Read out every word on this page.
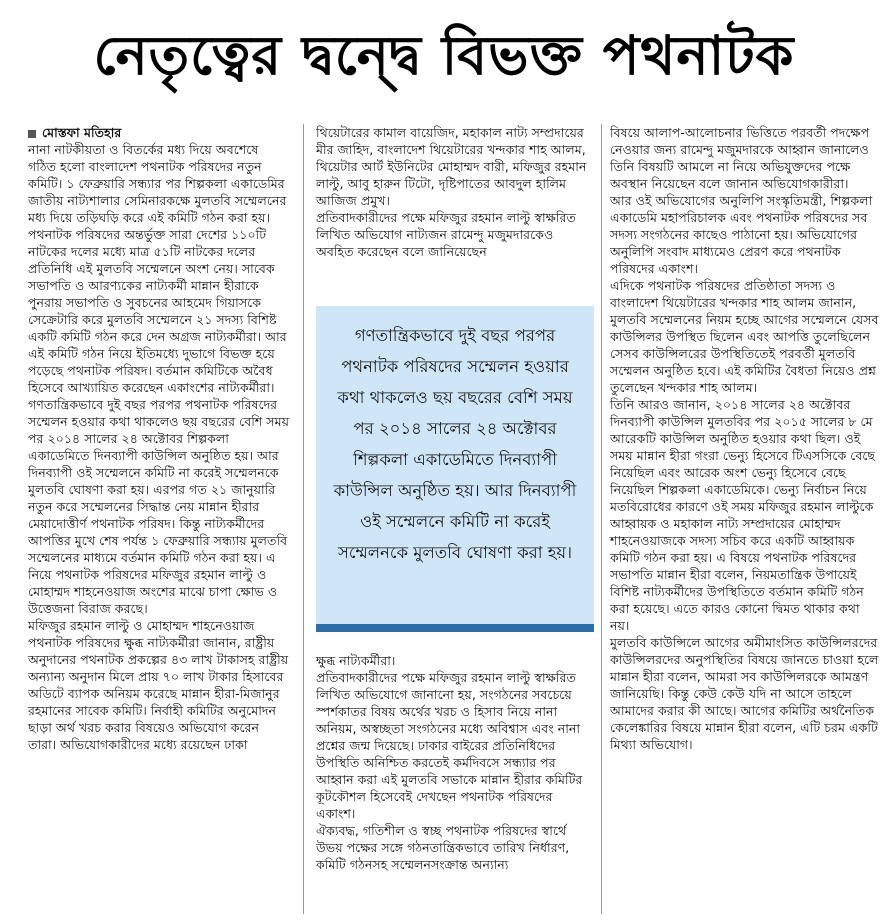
নেতৃত্বের দ্বন্দ্বে বিভক্ত পথনাটক

মোস্তফা মতিহার

নানা নাটকীয়তা ও বিতর্কের মধ্য দিয়ে অবশেষে গঠিত হলো বাংলাদেশ পথনাটক পরিষদের নতুন কমিটি। ১ ফেব্রুয়ারি সন্ধ্যার পর শিল্পকলা একাডেমির জাতীয় নাট্যশালার সেমিনারকক্ষে মুলতবি সম্মেলনের মধ্য দিয়ে তড়িঘড়ি করে এই কমিটি গঠন করা হয়। পথনাটক পরিষদের অন্তর্ভুক্ত সারা দেশের ১১০টি নাটকের দলের মধ্যে মাত্র ৫১টি নাটকের দলের প্রতিনিধি এই মুলতবি সম্মেলনে অংশ নেয়। সাবেক সভাপতি ও আরণ্যকের নাট্যকর্মী মান্নান হীরাকে পুনরায় সভাপতি ও সুবচনের আহমেদ গিয়াসকে সেক্রেটারি করে মুলতবি সম্মেলনে ২১ সদস্য বিশিষ্ট একটি কমিটি গঠন করে দেন অগ্রজ নাট্যকর্মীরা। আর এই কমিটি গঠন নিয়ে ইতিমধ্যে দুভাগে বিভক্ত হয়ে পড়েছে পথনাটক পরিষদ। বর্তমান কমিটিকে অবৈধ হিসেবে আখ্যায়িত করেছেন একাংশের নাট্যকর্মীরা।

গণতান্ত্রিকভাবে দুই বছর পরপর পথনাটক পরিষদের সম্মেলন হওয়ার কথা থাকলেও ছয় বছরের বেশি সময় পর ২০১৪ সালের ২৪ অক্টোবর শিল্পকলা একাডেমিতে দিনব্যাপী কাউন্সিল অনুষ্ঠিত হয়। আর দিনব্যাপী ওই সম্মেলনে কমিটি না করেই সম্মেলনকে মুলতবি ঘোষণা করা হয়। এরপর গত ২১ জানুয়ারি নতুন করে সম্মেলনের সিদ্ধান্ত নেয় মান্নান হীরার মেয়াদোত্তীর্ণ পথনাটক পরিষদ। কিন্তু নাট্যকর্মীদের আপত্তির মুখে শেষ পর্যন্ত ১ ফেব্রুয়ারি সন্ধ্যায় মুলতবি সম্মেলনের মাধ্যমে বর্তমান কমিটি গঠন করা হয়। এ নিয়ে পথনাটক পরিষদের মফিজুর রহমান লাল্টু ও মোহাম্মদ শাহনেওয়াজ অংশের মাঝে চাপা ক্ষোভ ও উত্তেজনা বিরাজ করছে।

মফিজুর রহমান লাল্টু ও মোহাম্মদ শাহনেওয়াজ পথনাটক পরিষদের ক্ষুব্ধ নাট্যকর্মীরা জানান, রাষ্ট্রীয় অনুদানের পথনাটক প্রকল্পের ৪৩ লাখ টাকাসহ রাষ্ট্রীয় অন্যান্য অনুদান মিলে প্রায় ৭০ লাখ টাকার হিসাবের অডিটে ব্যাপক অনিয়ম করেছে মান্নান হীরা-মিজানুর রহমানের সাবেক কমিটি। নির্বাহী কমিটির অনুমোদন ছাড়া অর্থ খরচ করার বিষয়েও অভিযোগ করেন তারা। অভিযোগকারীদের মধ্যে রয়েছেন ঢাকা

থিয়েটারের কামাল বায়েজিদ, মহাকাল নাট্য সম্প্রদায়ের মীর জাহিদ, বাংলাদেশ থিয়েটারের খন্দকার শাহ আলম, থিয়েটার আর্ট ইউনিটের মোহাম্মদ বারী, মফিজুর রহমান লাল্টু, আবু হারুন টিটো, দৃষ্টিপাতের আবদুল হালিম আজিজ প্রমুখ।

প্রতিবাদকারীদের পক্ষে মফিজুর রহমান লাল্টু স্বাক্ষরিত লিখিত অভিযোগ নাট্যজন রামেন্দু মজুমদারকেও অবহিত করেছেন বলে জানিয়েছেন

গণতান্ত্রিকভাবে দুই বছর পরপর পথনাটক পরিষদের সম্মেলন হওয়ার কথা থাকলেও ছয় বছরের বেশি সময় পর ২০১৪ সালের ২৪ অক্টোবর শিল্পকলা একাডেমিতে দিনব্যাপী কাউন্সিল অনুষ্ঠিত হয়। আর দিনব্যাপী ওই সম্মেলনে কমিটি না করেই সম্মেলনকে মুলতবি ঘোষণা করা হয়।

ক্ষুব্ধ নাট্যকর্মীরা।

প্রতিবাদকারীদের পক্ষে মফিজুর রহমান লাল্টু স্বাক্ষরিত লিখিত অভিযোগে জানানো হয়, সংগঠনের সবচেয়ে স্পর্শকাতর বিষয় অর্থের খরচ ও হিসাব নিয়ে নানা অনিয়ম, অস্বচ্ছতা সংগঠনের মধ্যে অবিশ্বাস এবং নানা প্রশ্নের জন্ম দিয়েছে। ঢাকার বাইরের প্রতিনিধিদের উপস্থিতি অনিশ্চিত করতেই কর্মদিবসে সন্ধ্যার পর আহ্বান করা এই মুলতবি সভাকে মান্নান হীরার কমিটির কূটকৌশল হিসেবেই দেখছেন পথনাটক পরিষদের একাংশ।

ঐক্যবদ্ধ, গতিশীল ও স্বচ্ছ পথনাটক পরিষদের স্বার্থে উভয় পক্ষের সঙ্গে গঠনতান্ত্রিকভাবে তারিখ নির্ধারণ, কমিটি গঠনসহ সম্মেলনসংক্রান্ত অন্যান্য

বিষয়ে আলাপ-আলোচনার ভিত্তিতে পরবর্তী পদক্ষেপ নেওয়ার জন্য রামেন্দু মজুমদারকে আহ্বান জানালেও তিনি বিষয়টি আমলে না নিয়ে অভিযুক্তদের পক্ষে অবস্থান নিয়েছেন বলে জানান অভিযোগকারীরা।

আর ওই অভিযোগের অনুলিপি সংস্কৃতিমন্ত্রী, শিল্পকলা একাডেমি মহাপরিচালক এবং পথনাটক পরিষদের সব সদস্য সংগঠনের কাছেও পাঠানো হয়। অভিযোগের অনুলিপি সংবাদ মাধ্যমেও প্রেরণ করে পথনাটক পরিষদের একাংশ।

এদিকে পথনাটক পরিষদের প্রতিষ্ঠাতা সদস্য ও বাংলাদেশ থিয়েটারের খন্দকার শাহ আলম জানান, মুলতবি সম্মেলনের নিয়ম হচ্ছে আগের সম্মেলনে যেসব কাউন্সিলর উপস্থিত ছিলেন এবং আপত্তি তুলেছিলেন সেসব কাউন্সিলরের উপস্থিতিতেই পরবর্তী মুলতবি সম্মেলন অনুষ্ঠিত হবে। এই কমিটির বৈধতা নিয়েও প্রশ্ন তুলেছেন খন্দকার শাহ আলম।

তিনি আরও জানান, ২০১৪ সালের ২৪ অক্টোবর দিনব্যাপী কাউন্সিল মুলতবির পর ২০১৫ সালের ৮ মে আরেকটি কাউন্সিল অনুষ্ঠিত হওয়ার কথা ছিল। ওই সময় মান্নান হীরা গংরা ভেন্যু হিসেবে টিএসসিকে বেছে নিয়েছিল এবং আরেক অংশ ভেন্যু হিসেবে বেছে নিয়েছিল শিল্পকলা একাডেমিকে। ভেন্যু নির্বাচন নিয়ে মতবিরোধের কারণে ওই সময় মফিজুর রহমান লাল্টুকে আহ্বায়ক ও মহাকাল নাট্য সম্প্রদায়ের মোহাম্মদ শাহনেওয়াজকে সদস্য সচিব করে একটি আহ্বায়ক কমিটি গঠন করা হয়। এ বিষয়ে পথনাটক পরিষদের সভাপতি মান্নান হীরা বলেন, নিয়মতান্ত্রিক উপায়েই বিশিষ্ট নাট্যকর্মীদের উপস্থিতিতে বর্তমান কমিটি গঠন করা হয়েছে। এতে কারও কোনো দ্বিমত থাকার কথা নয়।

মুলতবি কাউন্সিলে আগের অমীমাংসিত কাউন্সিলরদের কাউন্সিলরদের অনুপস্থিতির বিষয়ে জানতে চাওয়া হলে মান্নান হীরা বলেন, আমরা সব কাউন্সিলরকে আমন্ত্রণ জানিয়েছি। কিন্তু কেউ কেউ যদি না আসে তাহলে আমাদের করার কী আছে। আগের কমিটির অর্থনৈতিক কেলেঙ্কারির বিষয়ে মান্নান হীরা বলেন, এটি চরম একটি মিথ্যা অভিযোগ।
